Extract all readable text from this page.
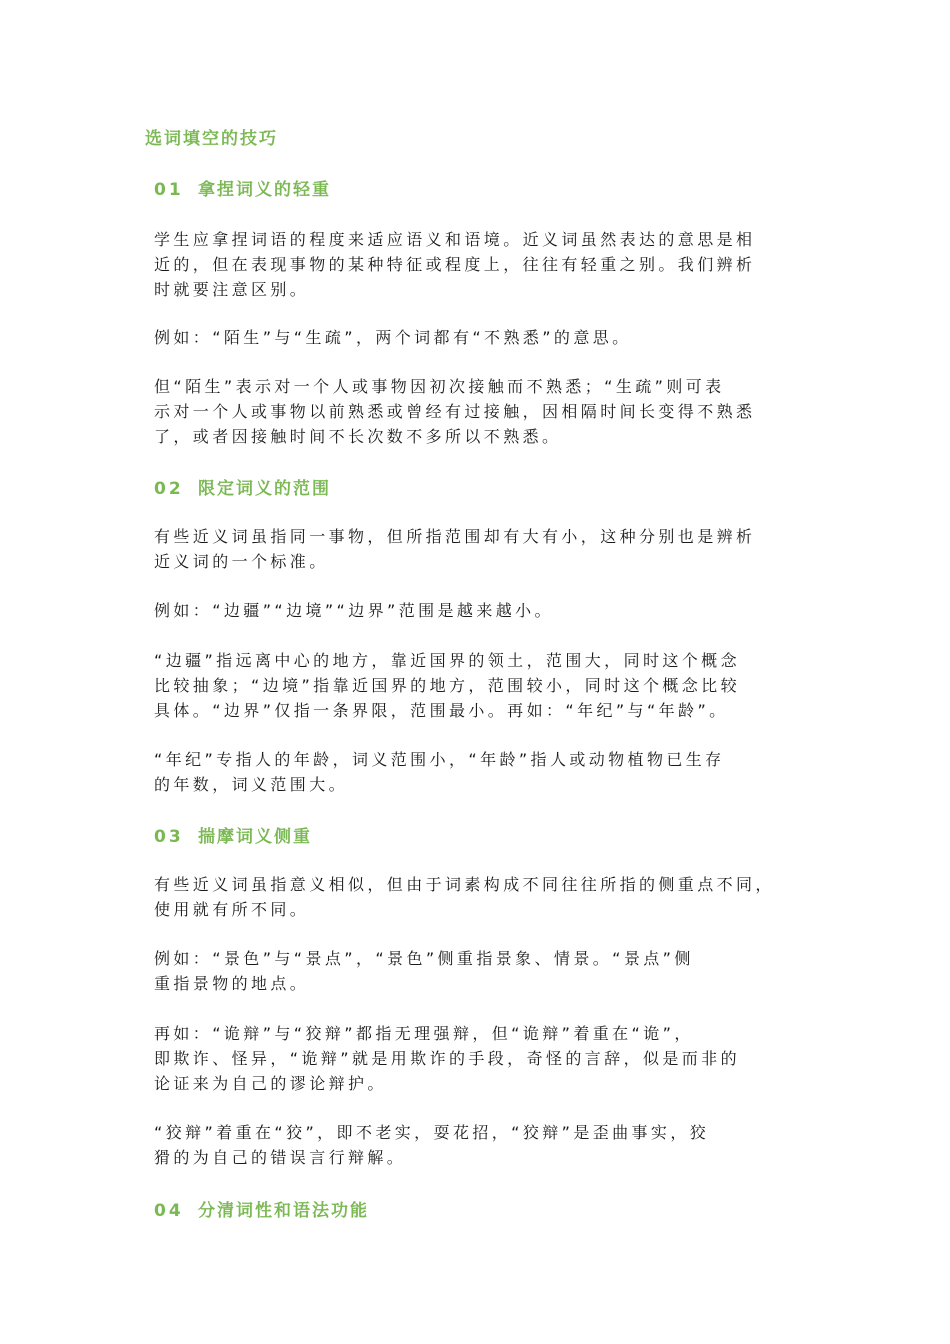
选词填空的技巧
01 拿捏词义的轻重

学生应拿捏词语的程度来适应语义和语境。近义词虽然表达的意思是相
近的，但在表现事物的某种特征或程度上，往往有轻重之别。我们辨析
时就要注意区别。

例如：“陌生”与“生疏”，两个词都有“不熟悉”的意思。

但“陌生”表示对一个人或事物因初次接触而不熟悉；“生疏”则可表
示对一个人或事物以前熟悉或曾经有过接触，因相隔时间长变得不熟悉
了，或者因接触时间不长次数不多所以不熟悉。

02 限定词义的范围

有些近义词虽指同一事物，但所指范围却有大有小，这种分别也是辨析
近义词的一个标准。

例如：“边疆”“边境”“边界”范围是越来越小。

“边疆”指远离中心的地方，靠近国界的领土，范围大，同时这个概念
比较抽象；“边境”指靠近国界的地方，范围较小，同时这个概念比较
具体。“边界”仅指一条界限，范围最小。再如：“年纪”与“年龄”。

“年纪”专指人的年龄，词义范围小，“年龄”指人或动物植物已生存
的年数，词义范围大。

03 揣摩词义侧重

有些近义词虽指意义相似，但由于词素构成不同往往所指的侧重点不同，
使用就有所不同。

例如：“景色”与“景点”，“景色”侧重指景象、情景。“景点”侧
重指景物的地点。

再如：“诡辩”与“狡辩”都指无理强辩，但“诡辩”着重在“诡”，
即欺诈、怪异，“诡辩”就是用欺诈的手段，奇怪的言辞，似是而非的
论证来为自己的谬论辩护。

“狡辩”着重在“狡”，即不老实，耍花招，“狡辩”是歪曲事实，狡
猾的为自己的错误言行辩解。

04 分清词性和语法功能
